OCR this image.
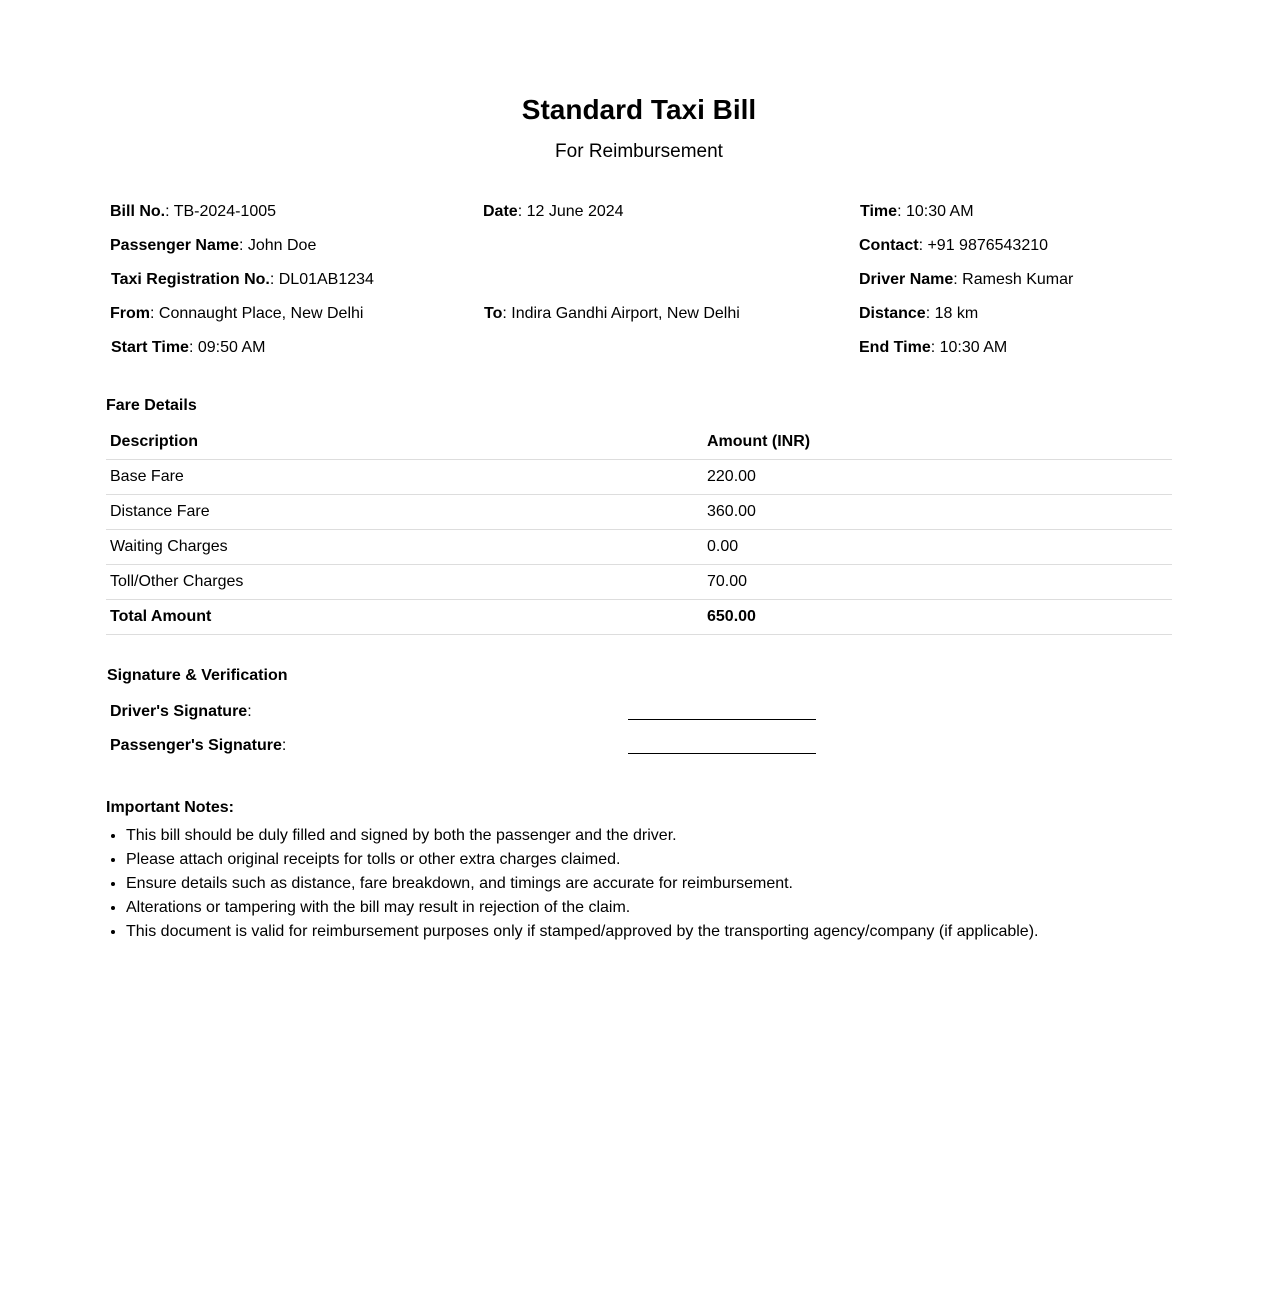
Standard Taxi Bill
For Reimbursement
Bill No.: TB-2024-1005	Date: 12 June 2024	Time: 10:30 AM
Passenger Name: John Doe	Contact: +91 9876543210
Taxi Registration No.: DL01AB1234	Driver Name: Ramesh Kumar
From: Connaught Place, New Delhi	To: Indira Gandhi Airport, New Delhi	Distance: 18 km
Start Time: 09:50 AM	End Time: 10:30 AM
Fare Details
Description	Amount (INR)
Base Fare	220.00
Distance Fare	360.00
Waiting Charges	0.00
Toll/Other Charges	70.00
Total Amount	650.00
Signature & Verification
Driver's Signature:
Passenger's Signature:
Important Notes:
• This bill should be duly filled and signed by both the passenger and the driver.
• Please attach original receipts for tolls or other extra charges claimed.
• Ensure details such as distance, fare breakdown, and timings are accurate for reimbursement.
• Alterations or tampering with the bill may result in rejection of the claim.
• This document is valid for reimbursement purposes only if stamped/approved by the transporting agency/company (if applicable).
